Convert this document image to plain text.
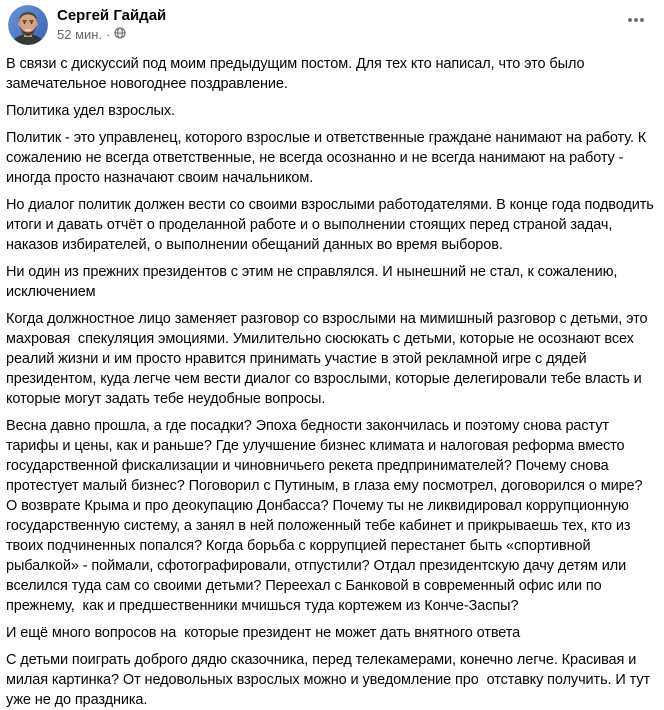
Сергей Гайдай
52 мин. ·

В связи с дискуссий под моим предыдущим постом. Для тех кто написал, что это было замечательное новогоднее поздравление.

Политика удел взрослых.

Политик - это управленец, которого взрослые и ответственные граждане нанимают на работу. К сожалению не всегда ответственные, не всегда осознанно и не всегда нанимают на работу - иногда просто назначают своим начальником.

Но диалог политик должен вести со своими взрослыми работодателями. В конце года подводить итоги и давать отчёт о проделанной работе и о выполнении стоящих перед страной задач, наказов избирателей, о выполнении обещаний данных во время выборов.

Ни один из прежних президентов с этим не справлялся. И нынешний не стал, к сожалению, исключением

Когда должностное лицо заменяет разговор со взрослыми на мимишный разговор с детьми, это махровая  спекуляция эмоциями. Умилительно сюсюкать с детьми, которые не осознают всех реалий жизни и им просто нравится принимать участие в этой рекламной игре с дядей президентом, куда легче чем вести диалог со взрослыми, которые делегировали тебе власть и которые могут задать тебе неудобные вопросы.

Весна давно прошла, а где посадки? Эпоха бедности закончилась и поэтому снова растут тарифы и цены, как и раньше? Где улучшение бизнес климата и налоговая реформа вместо государственной фискализации и чиновничьего рекета предпринимателей? Почему снова протестует малый бизнес? Поговорил с Путиным, в глаза ему посмотрел, договорился о мире? О возврате Крыма и про деокупацию Донбасса? Почему ты не ликвидировал коррупционную  государственную систему, а занял в ней положенный тебе кабинет и прикрываешь тех, кто из твоих подчиненных попался? Когда борьба с коррупцией перестанет быть «спортивной рыбалкой» - поймали, сфотографировали, отпустили? Отдал президентскую дачу детям или вселился туда сам со своими детьми? Переехал с Банковой в современный офис или по прежнему,  как и предшественники мчишься туда кортежем из Конче-Заспы?

И ещё много вопросов на  которые президент не может дать внятного ответа

С детьми поиграть доброго дядю сказочника, перед телекамерами, конечно легче. Красивая и милая картинка? От недовольных взрослых можно и уведомление про  отставку получить. И тут уже не до праздника.
